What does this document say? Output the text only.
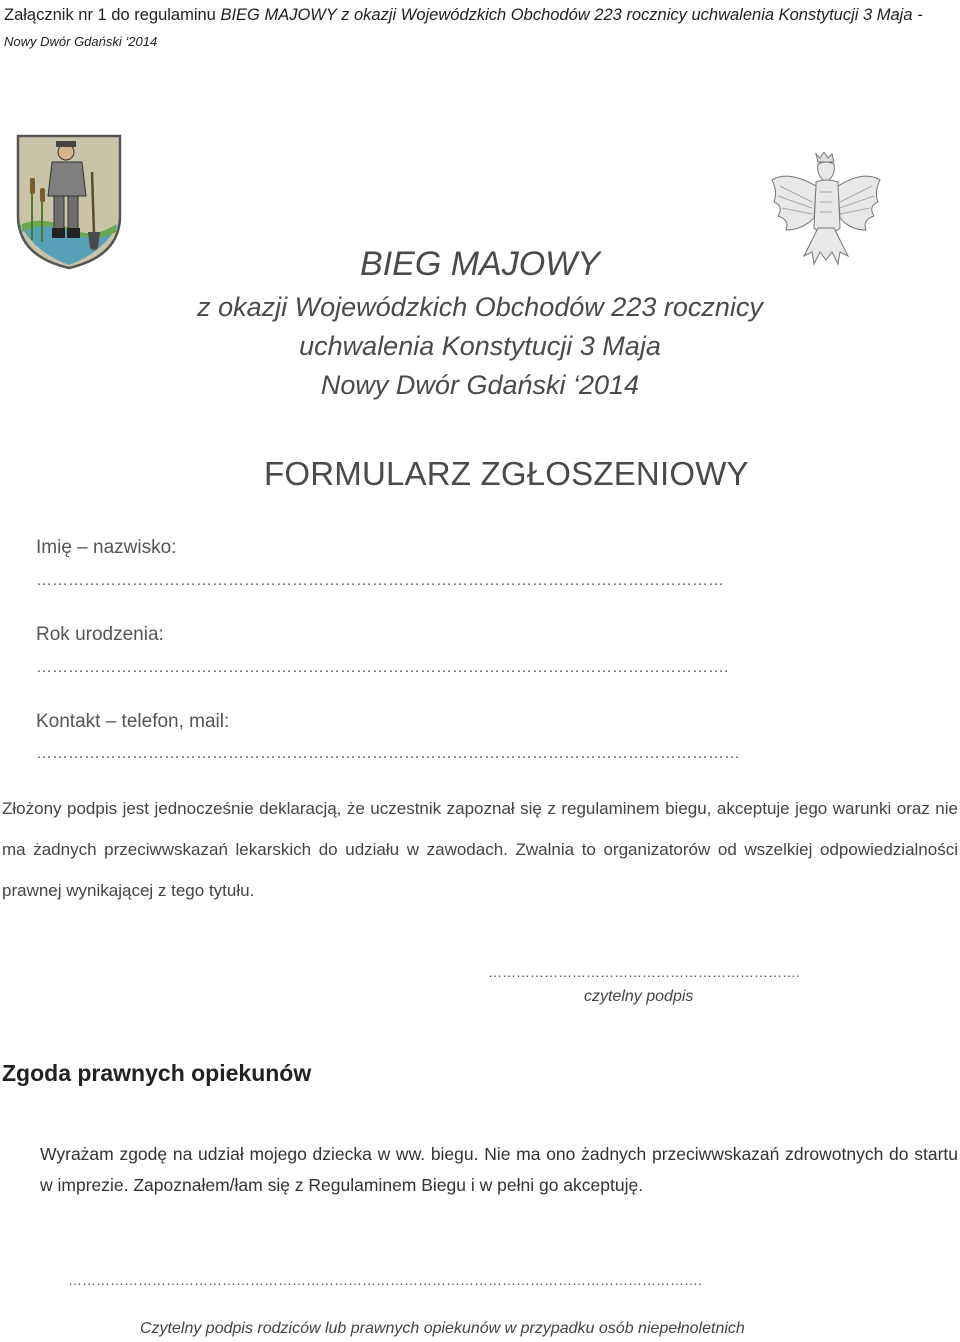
Załącznik nr 1 do regulaminu BIEG MAJOWY z okazji Wojewódzkich Obchodów 223 rocznicy uchwalenia Konstytucji 3 Maja - Nowy Dwór Gdański ‘2014
BIEG MAJOWY
z okazji Wojewódzkich Obchodów 223 rocznicy
uchwalenia Konstytucji 3 Maja
Nowy Dwór Gdański ‘2014
FORMULARZ ZGŁOSZENIOWY
Imię – nazwisko:
…………………………………………………………………………………………………………………
Rok urodzenia:
………………………………………………………………………………………………………………….
Kontakt – telefon, mail:
……………………………………………………………………………………………………………………
Złożony podpis jest jednocześnie deklaracją, że uczestnik zapoznał się z regulaminem biegu, akceptuje jego warunki oraz nie ma żadnych przeciwwskazań lekarskich do udziału w zawodach. Zwalnia to organizatorów od wszelkiej odpowiedzialności prawnej wynikającej z tego tytułu.
………………………………………………………….
czytelny podpis
Zgoda prawnych opiekunów
Wyrażam zgodę na udział mojego dziecka w ww. biegu. Nie ma ono żadnych przeciwwskazań zdrowotnych do startu w imprezie. Zapoznałem/łam się z Regulaminem Biegu i w pełni go akceptuję.
……………………………………………………………………………………………………………………….
Czytelny podpis rodziców lub prawnych opiekunów w przypadku osób niepełnoletnich
